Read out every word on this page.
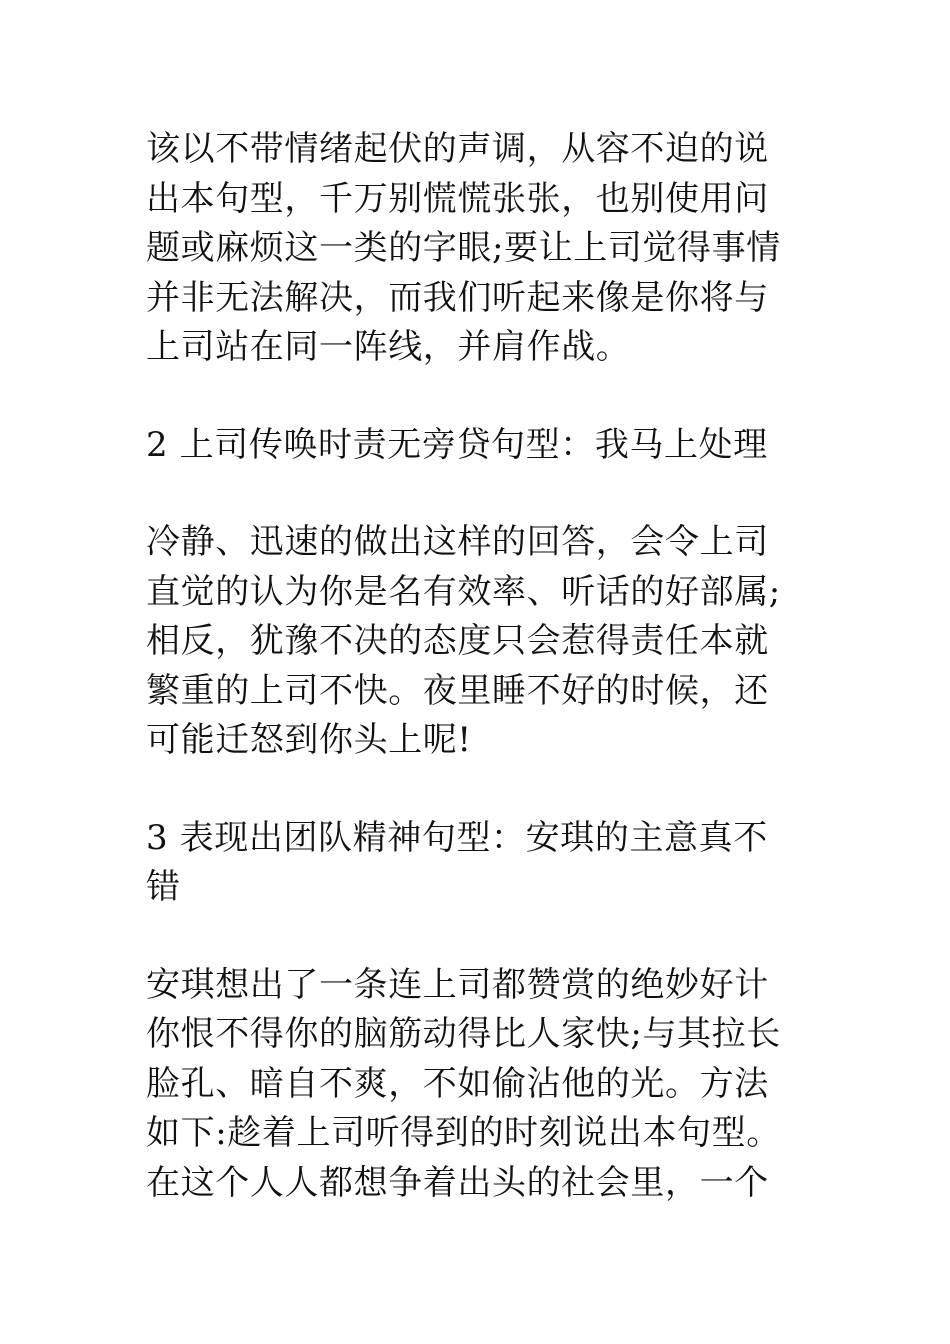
该以不带情绪起伏的声调，从容不迫的说
出本句型，千万别慌慌张张，也别使用问
题或麻烦这一类的字眼;要让上司觉得事情
并非无法解决，而我们听起来像是你将与
上司站在同一阵线，并肩作战。
2 上司传唤时责无旁贷句型：我马上处理
冷静、迅速的做出这样的回答，会令上司
直觉的认为你是名有效率、听话的好部属;
相反，犹豫不决的态度只会惹得责任本就
繁重的上司不快。夜里睡不好的时候，还
可能迁怒到你头上呢!
3 表现出团队精神句型：安琪的主意真不
错
安琪想出了一条连上司都赞赏的绝妙好计
你恨不得你的脑筋动得比人家快;与其拉长
脸孔、暗自不爽，不如偷沾他的光。方法
如下:趁着上司听得到的时刻说出本句型。
在这个人人都想争着出头的社会里，一个
